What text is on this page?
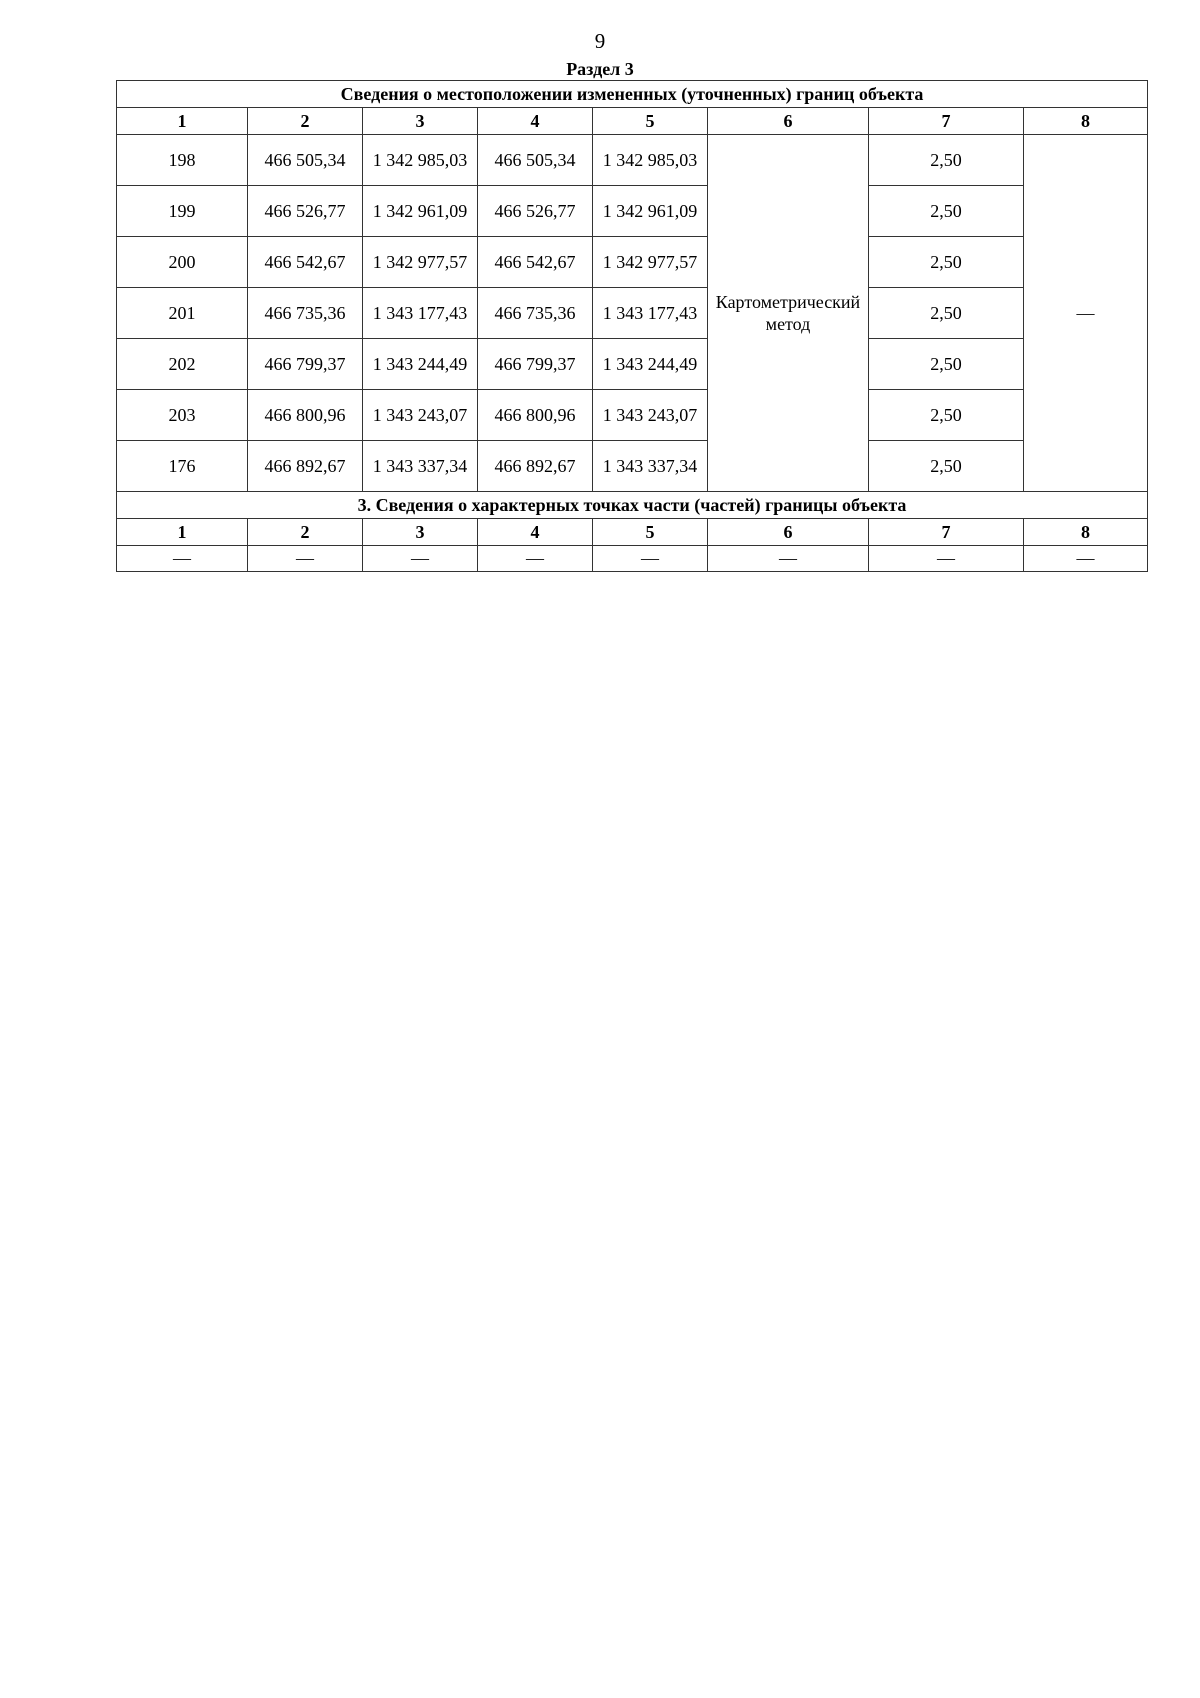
9
Раздел 3
Сведения о местоположении измененных (уточненных) границ объекта							
1	2	3	4	5	6	7	8
198	466 505,34	1 342 985,03	466 505,34	1 342 985,03	Картометрический метод	2,50	—
199	466 526,77	1 342 961,09	466 526,77	1 342 961,09		2,50	
200	466 542,67	1 342 977,57	466 542,67	1 342 977,57		2,50	
201	466 735,36	1 343 177,43	466 735,36	1 343 177,43		2,50	
202	466 799,37	1 343 244,49	466 799,37	1 343 244,49		2,50	
203	466 800,96	1 343 243,07	466 800,96	1 343 243,07		2,50	
176	466 892,67	1 343 337,34	466 892,67	1 343 337,34		2,50	
3. Сведения о характерных точках части (частей) границы объекта							
1	2	3	4	5	6	7	8
—	—	—	—	—	—	—	—
